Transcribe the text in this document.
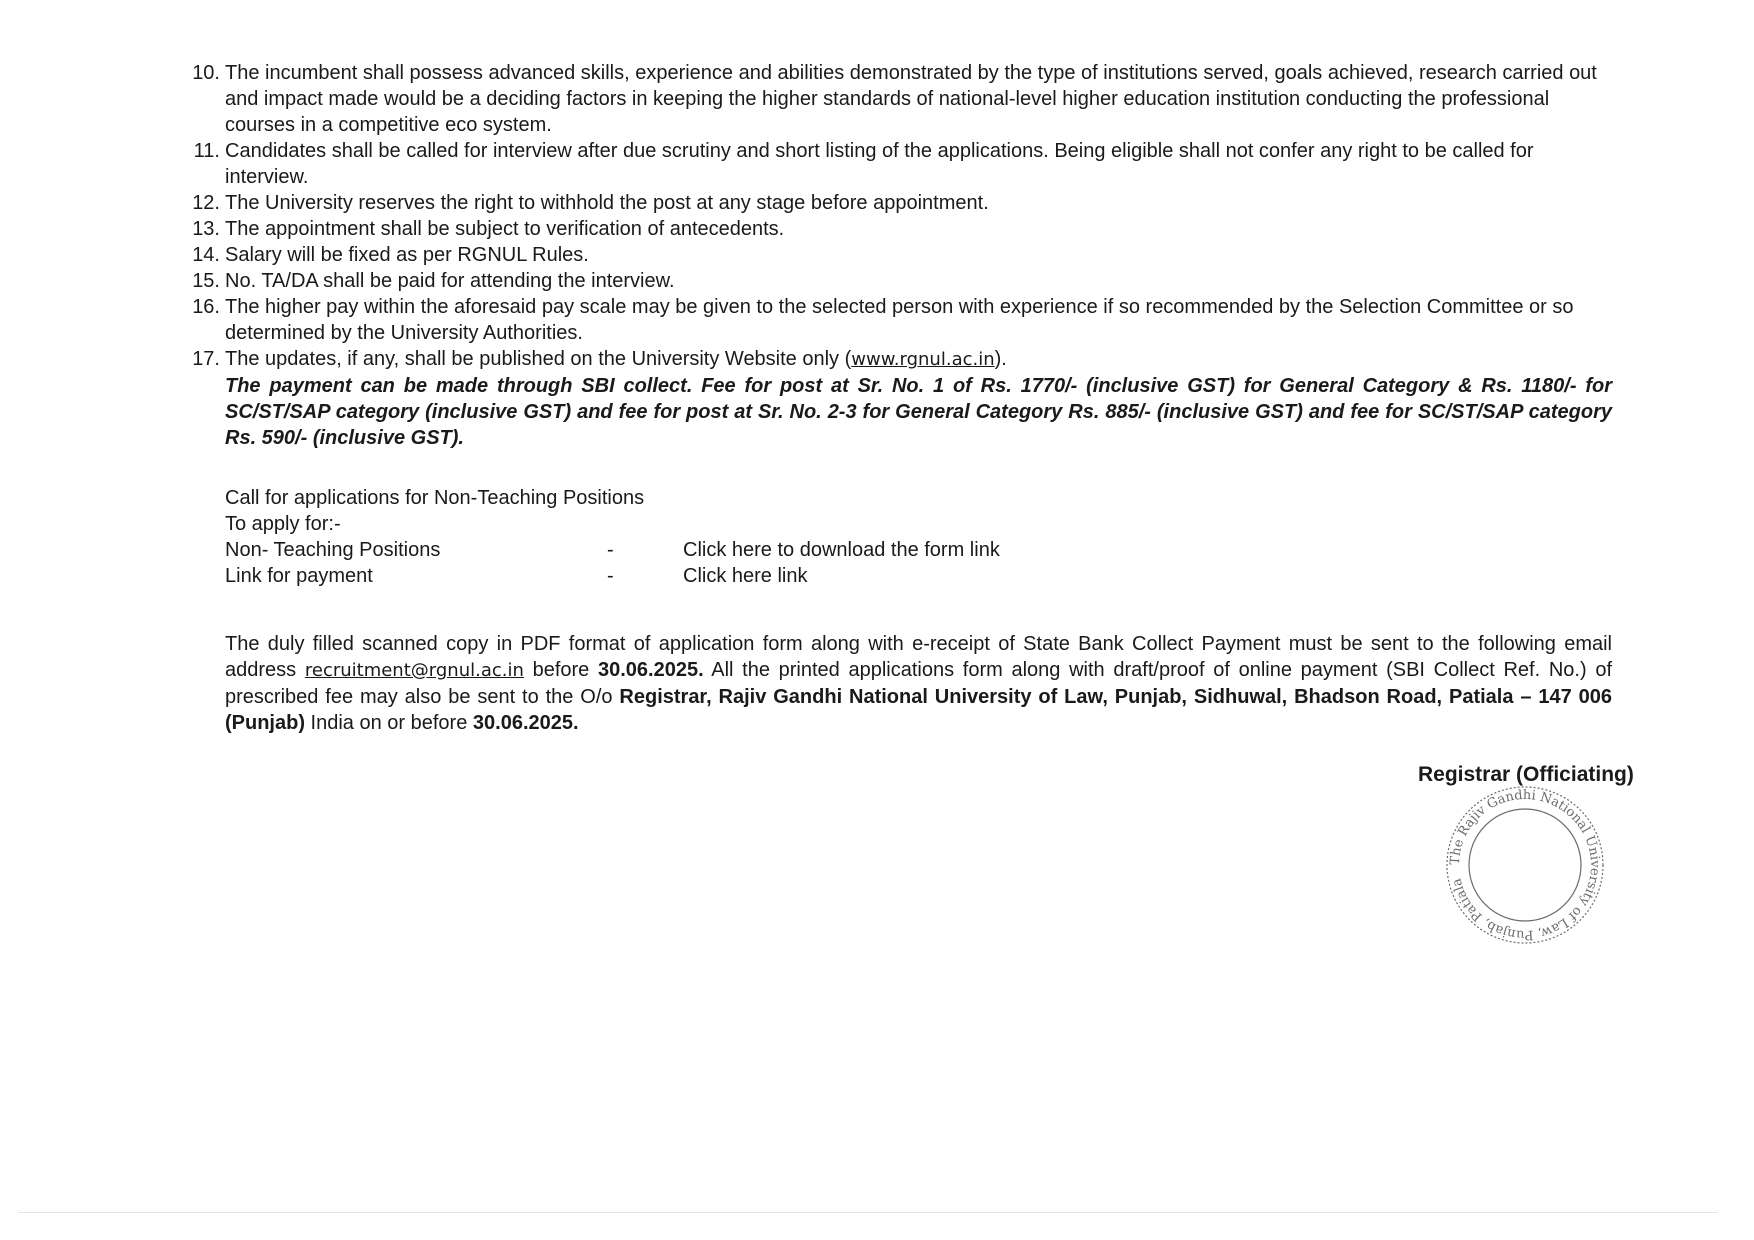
10. The incumbent shall possess advanced skills, experience and abilities demonstrated by the type of institutions served, goals achieved, research carried out and impact made would be a deciding factors in keeping the higher standards of national-level higher education institution conducting the professional courses in a competitive eco system.
11. Candidates shall be called for interview after due scrutiny and short listing of the applications. Being eligible shall not confer any right to be called for interview.
12. The University reserves the right to withhold the post at any stage before appointment.
13. The appointment shall be subject to verification of antecedents.
14. Salary will be fixed as per RGNUL Rules.
15. No. TA/DA shall be paid for attending the interview.
16. The higher pay within the aforesaid pay scale may be given to the selected person with experience if so recommended by the Selection Committee or so determined by the University Authorities.
17. The updates, if any, shall be published on the University Website only (www.rgnul.ac.in).
The payment can be made through SBI collect. Fee for post at Sr. No. 1 of Rs. 1770/- (inclusive GST) for General Category & Rs. 1180/- for SC/ST/SAP category (inclusive GST) and fee for post at Sr. No. 2-3 for General Category Rs. 885/- (inclusive GST) and fee for SC/ST/SAP category Rs. 590/- (inclusive GST).
Call for applications for Non-Teaching Positions
To apply for:-
Non- Teaching Positions	-	Click here to download the form link
Link for payment	-	Click here link
The duly filled scanned copy in PDF format of application form along with e-receipt of State Bank Collect Payment must be sent to the following email address recruitment@rgnul.ac.in before 30.06.2025. All the printed applications form along with draft/proof of online payment (SBI Collect Ref. No.) of prescribed fee may also be sent to the O/o Registrar, Rajiv Gandhi National University of Law, Punjab, Sidhuwal, Bhadson Road, Patiala – 147 006 (Punjab) India on or before 30.06.2025.
Registrar (Officiating)
The Rajiv Gandhi National University of Law, Punjab, Patiala
